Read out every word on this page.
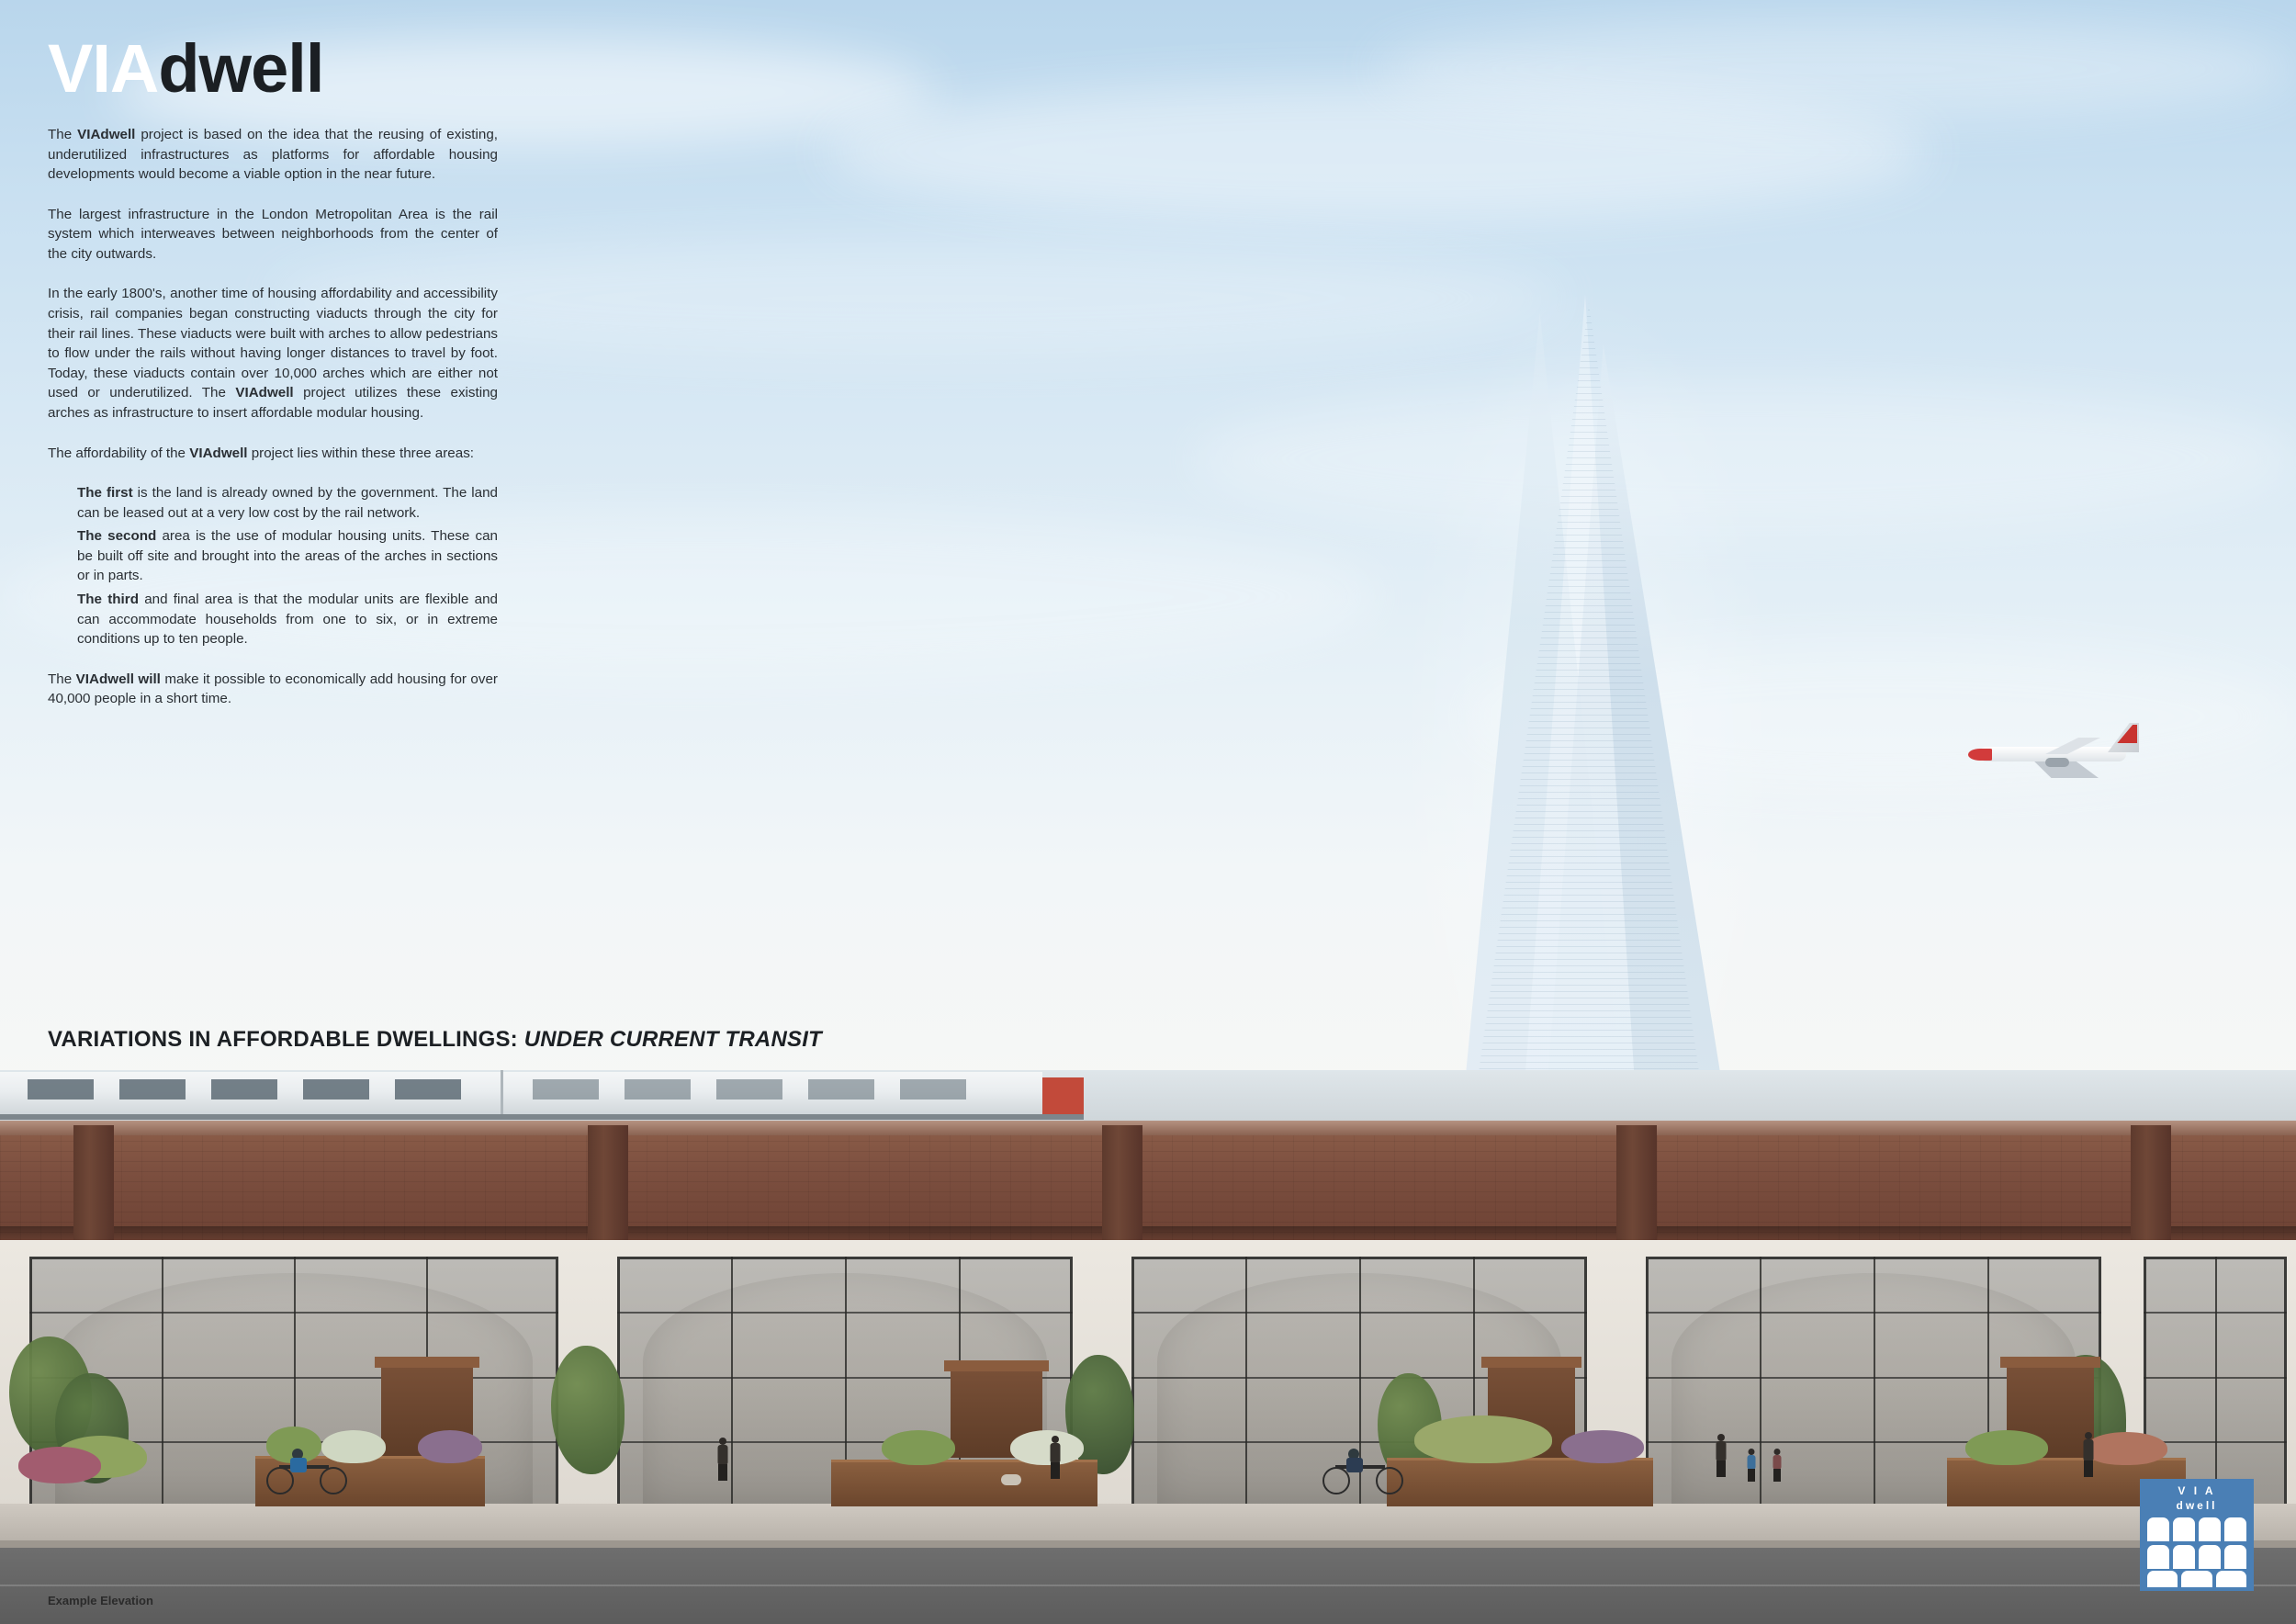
VIAdwell

The VIAdwell project is based on the idea that the reusing of existing, underutilized infrastructures as platforms for affordable housing developments would become a viable option in the near future.

The largest infrastructure in the London Metropolitan Area is the rail system which interweaves between neighborhoods from the center of the city outwards.

In the early 1800's, another time of housing affordability and accessibility crisis, rail companies began constructing viaducts through the city for their rail lines. These viaducts were built with arches to allow pedestrians to flow under the rails without having longer distances to travel by foot. Today, these viaducts contain over 10,000 arches which are either not used or underutilized. The VIAdwell project utilizes these existing arches as infrastructure to insert affordable modular housing.

The affordability of the VIAdwell project lies within these three areas:

The first is the land is already owned by the government. The land can be leased out at a very low cost by the rail network.

The second area is the use of modular housing units. These can be built off site and brought into the areas of the arches in sections or in parts.

The third and final area is that the modular units are flexible and can accommodate households from one to six, or in extreme conditions up to ten people.

The VIAdwell will make it possible to economically add housing for over 40,000 people in a short time.

VARIATIONS IN AFFORDABLE DWELLINGS: UNDER CURRENT TRANSIT
Example Elevation
V I A
dwell
